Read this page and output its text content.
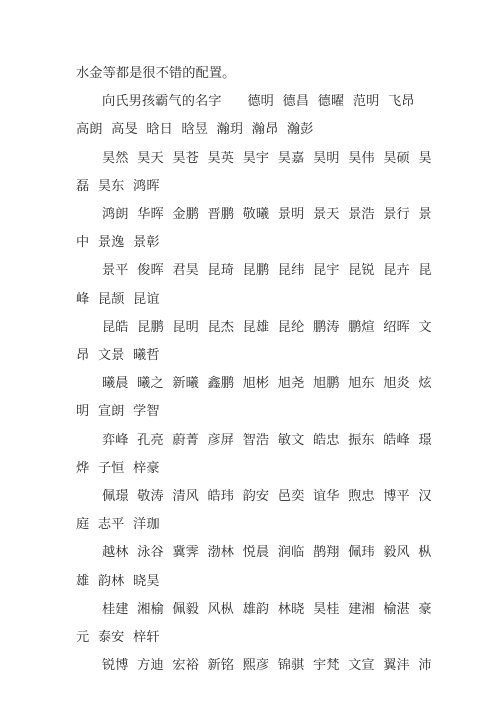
水金等都是很不错的配置。
向氏男孩霸气的名字      德明  德昌  德曜  范明  飞昂
高朗  高旻  晗日  晗昱  瀚玥  瀚昂  瀚彭
昊然  昊天  昊苍  昊英  昊宇  昊嘉  昊明  昊伟  昊硕  昊
磊  昊东  鸿晖
鸿朗  华晖  金鹏  晋鹏  敬曦  景明  景天  景浩  景行  景
中  景逸  景彰
景平  俊晖  君昊  昆琦  昆鹏  昆纬  昆宇  昆锐  昆卉  昆
峰  昆颉  昆谊
昆皓  昆鹏  昆明  昆杰  昆雄  昆纶  鹏涛  鹏煊  绍晖  文
昂  文景  曦哲
曦晨  曦之  新曦  鑫鹏  旭彬  旭尧  旭鹏  旭东  旭炎  炫
明  宣朗  学智
弈峰  孔亮  蔚菁  彦屏  智浩  敏文  皓忠  振东  皓峰  璟
烨  子恒  梓豪
佩璟  敬涛  清风  皓玮  韵安  邑奕  谊华  煦忠  博平  汉
庭  志平  洋珈
越林  泳谷  冀霁  渤林  悦晨  润临  鹊翔  佩玮  毅风  枞
雄  韵林  晓昊
桂建  湘榆  佩毅  风枞  雄韵  林晓  昊桂  建湘  榆湛  豪
元  泰安  梓轩
锐博  方迪  宏裕  新铭  熙彦  锦骐  宇梵  文宣  翼沣  沛
